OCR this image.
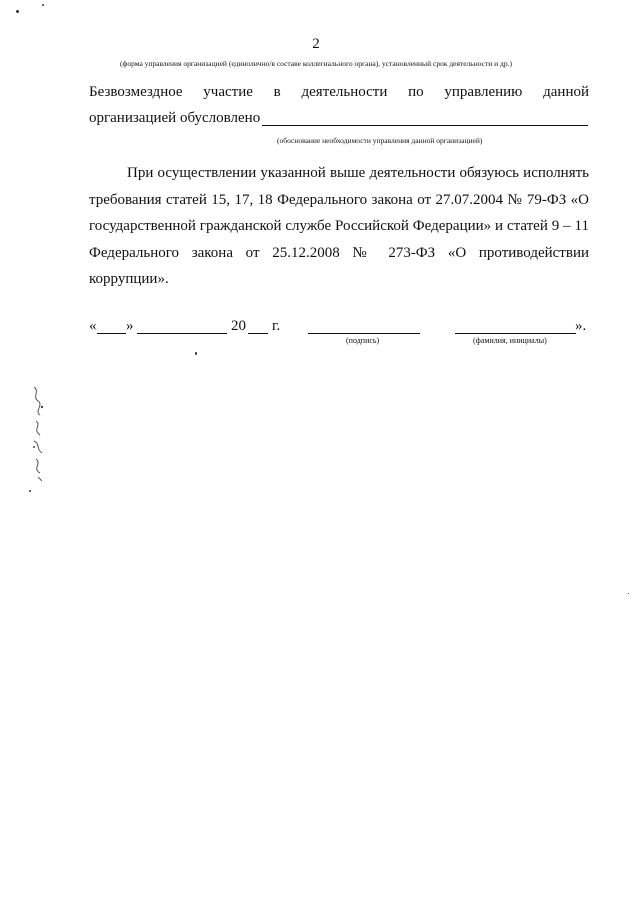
2
(форма управления организацией (единолично/в составе коллегиального органа), установленный срок деятельности и др.)
Безвозмездное участие в деятельности по управлению данной
организацией обусловлено
(обоснование необходимости управления данной организацией)
При осуществлении указанной выше деятельности обязуюсь исполнять
требования статей 15, 17, 18 Федерального закона от 27.07.2004 № 79-ФЗ «О
государственной гражданской службе Российской Федерации» и статей 9 – 11
Федерального закона от 25.12.2008 № 273-ФЗ «О противодействии
коррупции».
« »	20 г.
(подпись)
».
(фамилия, инициалы)
